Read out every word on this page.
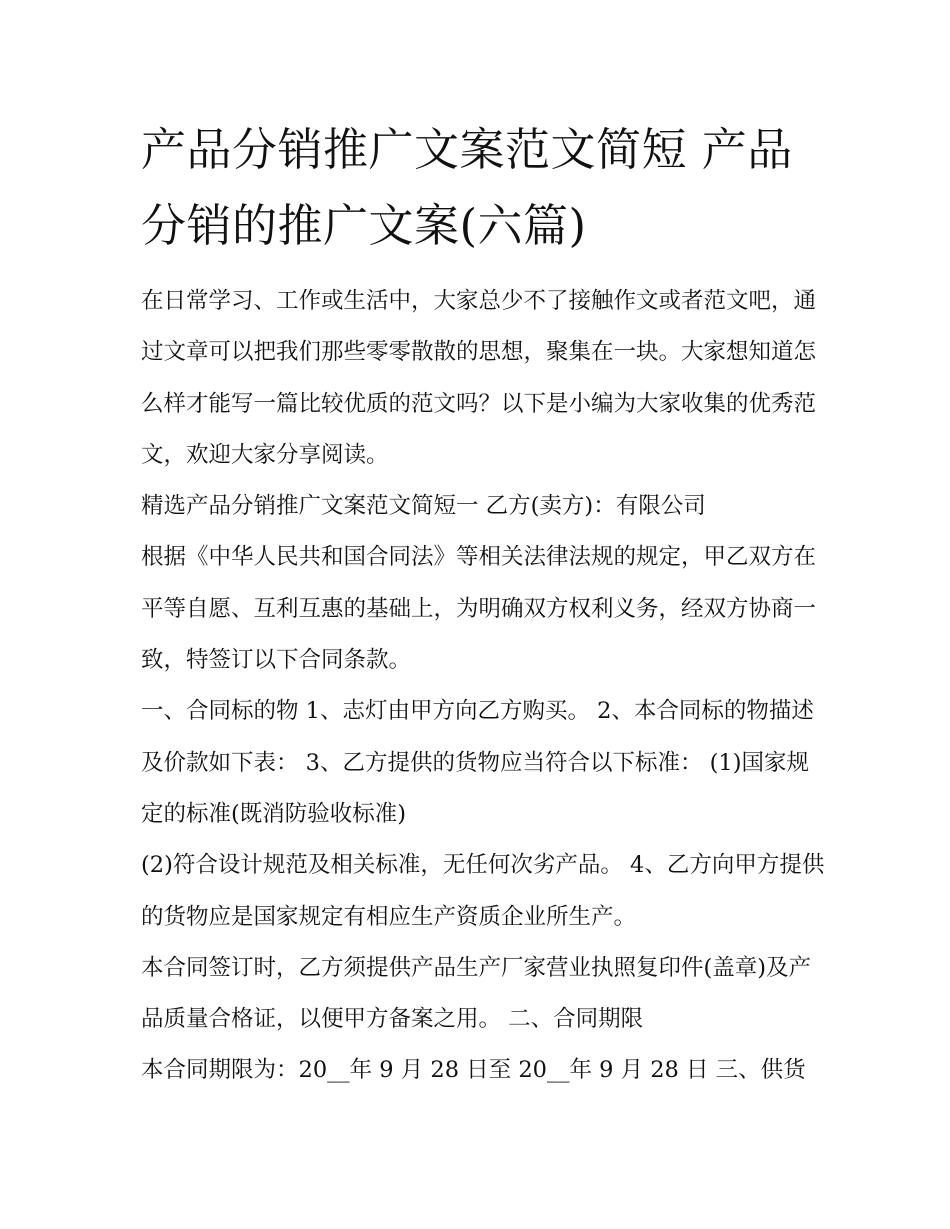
产品分销推广文案范文简短 产品分销的推广文案(六篇)

在日常学习、工作或生活中，大家总少不了接触作文或者范文吧，通过文章可以把我们那些零零散散的思想，聚集在一块。大家想知道怎么样才能写一篇比较优质的范文吗？以下是小编为大家收集的优秀范文，欢迎大家分享阅读。

精选产品分销推广文案范文简短一 乙方(卖方)：有限公司

根据《中华人民共和国合同法》等相关法律法规的规定，甲乙双方在平等自愿、互利互惠的基础上，为明确双方权利义务，经双方协商一致，特签订以下合同条款。

一、合同标的物 1、志灯由甲方向乙方购买。 2、本合同标的物描述及价款如下表： 3、乙方提供的货物应当符合以下标准： (1)国家规定的标准(既消防验收标准)

(2)符合设计规范及相关标准，无任何次劣产品。 4、乙方向甲方提供的货物应是国家规定有相应生产资质企业所生产。

本合同签订时，乙方须提供产品生产厂家营业执照复印件(盖章)及产品质量合格证，以便甲方备案之用。 二、合同期限

本合同期限为：20__年 9 月 28 日至 20__年 9 月 28 日 三、供货
